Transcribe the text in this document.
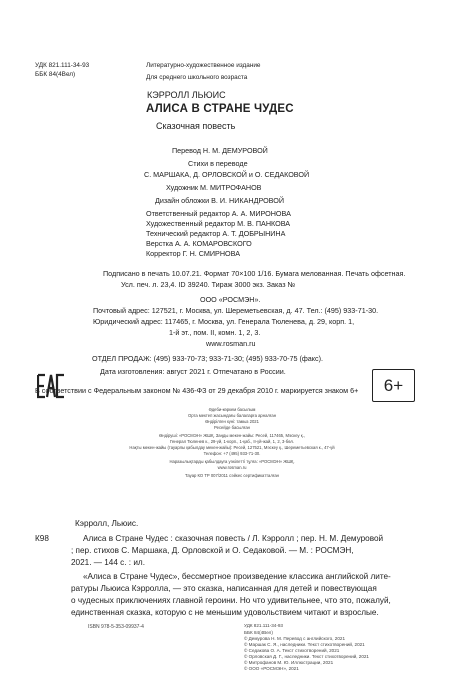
УДК 821.111-34-93
ББК 84(4Вел)
Литературно-художественное издание
Для среднего школьного возраста
КЭРРОЛЛ ЛЬЮИС
АЛИСА В СТРАНЕ ЧУДЕС
Сказочная повесть
Перевод Н. М. ДЕМУРОВОЙ
Стихи в переводе
С. МАРШАКА, Д. ОРЛОВСКОЙ и О. СЕДАКОВОЙ
Художник М. МИТРОФАНОВ
Дизайн обложки В. И. НИКАНДРОВОЙ
Ответственный редактор А. А. МИРОНОВА
Художественный редактор М. В. ПАНКОВА
Технический редактор А. Т. ДОБРЫНИНА
Верстка А. А. КОМАРОВСКОГО
Корректор Г. Н. СМИРНОВА
Подписано в печать 10.07.21. Формат 70×100 1/16. Бумага мелованная. Печать офсетная.
Усл. печ. л. 23,4. ID 39240. Тираж 3000 экз. Заказ №
ООО «РОСМЭН».
Почтовый адрес: 127521, г. Москва, ул. Шереметьевская, д. 47. Тел.: (495) 933-71-30.
Юридический адрес: 117465, г. Москва, ул. Генерала Тюленева, д. 29, корп. 1,
1-й эт., пом. II, комн. 1, 2, 3.
www.rosman.ru
ОТДЕЛ ПРОДАЖ: (495) 933-70-73; 933-71-30; (495) 933-70-75 (факс).
Дата изготовления: август 2021 г. Отпечатано в России.
6+
В соответствии с Федеральным законом № 436-ФЗ от 29 декабря 2010 г. маркируется знаком 6+
Әдеби-көркем басылым
Орта мектеп жасындағы балаларға арналған
Өндірілген күні: тамыз 2021
Ресейде басылған
Өндіруші: «РОСМЭН» ЖШҚ. Заңды мекен-жайы: Ресей, 117465, Мәскеу қ.,
Генерал Тюленев к., 29-үй, 1-корп., 1-қаб., II-үй-жай, 1, 2, 3-бөл.
Нақты мекен-жайы (тауарлы қабылдау мекен-жайы): Ресей, 127521, Мәскеу қ., Шереметьевская к., 47-үй
Телефон: +7 (495) 933-71-30.
Наразылықтарды қабылдауға уәкілетті тұлға: «РОСМЭН» ЖШҚ.
www.rosman.ru
Тауар КО ТР 007/2011 сәйкес сертификатталған
Кэрролл, Льюис.
К98	Алиса в Стране Чудес : сказочная повесть / Л. Кэрролл ; пер. Н. М. Демуровой
; пер. стихов С. Маршака, Д. Орловской и О. Седаковой. — М. : РОСМЭН,
2021. — 144 с. : ил.
«Алиса в Стране Чудес», бессмертное произведение классика английской лите-
ратуры Льюиса Кэрролла, — это сказка, написанная для детей и повествующая
о чудесных приключениях главной героини. Но что удивительнее, что это, пожалуй,
единственная сказка, которую с не меньшим удовольствием читают и взрослые.
ISBN 978-5-353-09937-4	УДК 821.111-34-93
ББК 84(4Вел)
© Демурова Н. М. Перевод с английского, 2021
© Маршак С. Я., наследники. Текст стихотворений, 2021
© Седакова О. А. Текст стихотворений, 2021
© Орловская Д. Г., наследники. Текст стихотворений, 2021
© Митрофанов М. Ю. Иллюстрации, 2021
© ООО «РОСМЭН», 2021
